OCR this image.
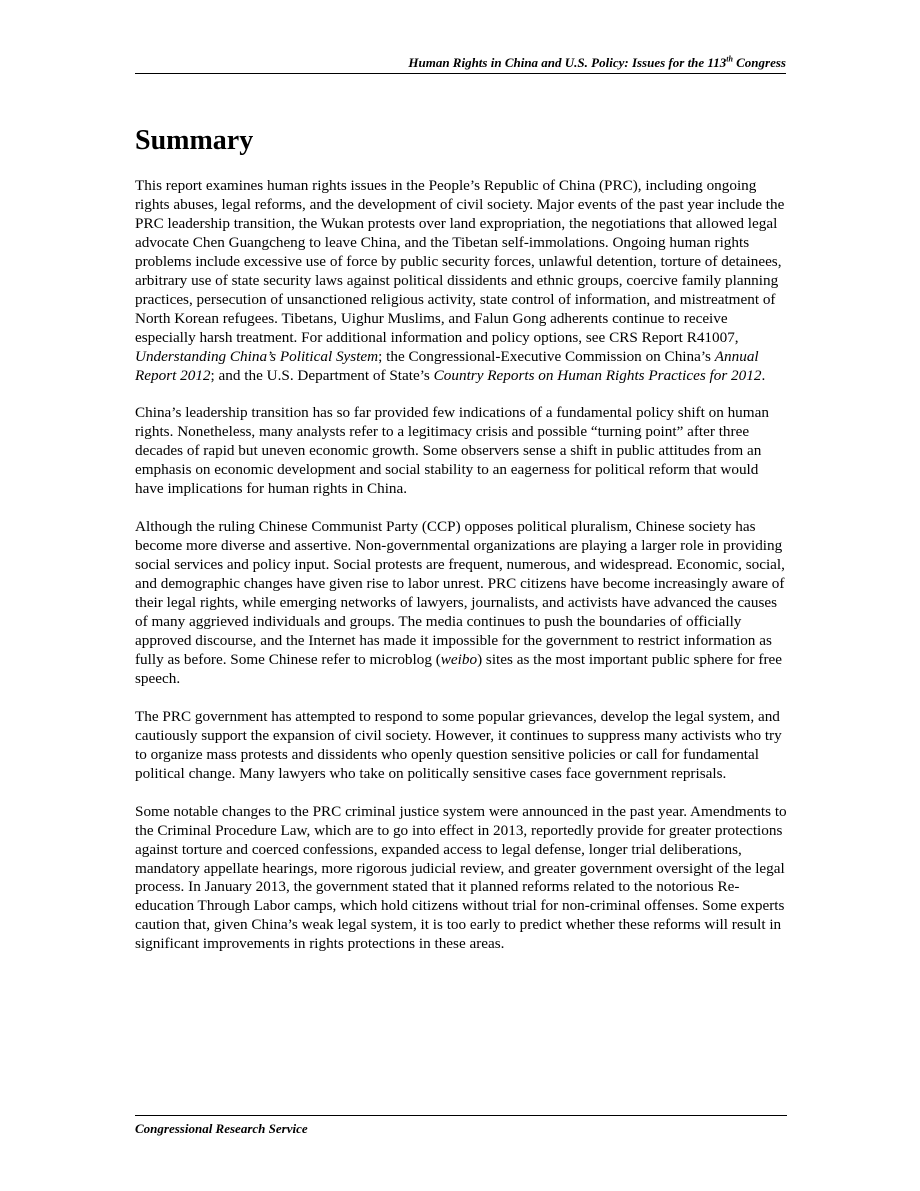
Human Rights in China and U.S. Policy: Issues for the 113th Congress
Summary

This report examines human rights issues in the People’s Republic of China (PRC), including ongoing rights abuses, legal reforms, and the development of civil society. Major events of the past year include the PRC leadership transition, the Wukan protests over land expropriation, the negotiations that allowed legal advocate Chen Guangcheng to leave China, and the Tibetan self-immolations. Ongoing human rights problems include excessive use of force by public security forces, unlawful detention, torture of detainees, arbitrary use of state security laws against political dissidents and ethnic groups, coercive family planning practices, persecution of unsanctioned religious activity, state control of information, and mistreatment of North Korean refugees. Tibetans, Uighur Muslims, and Falun Gong adherents continue to receive especially harsh treatment. For additional information and policy options, see CRS Report R41007, Understanding China’s Political System; the Congressional-Executive Commission on China’s Annual Report 2012; and the U.S. Department of State’s Country Reports on Human Rights Practices for 2012.

China’s leadership transition has so far provided few indications of a fundamental policy shift on human rights. Nonetheless, many analysts refer to a legitimacy crisis and possible “turning point” after three decades of rapid but uneven economic growth. Some observers sense a shift in public attitudes from an emphasis on economic development and social stability to an eagerness for political reform that would have implications for human rights in China.

Although the ruling Chinese Communist Party (CCP) opposes political pluralism, Chinese society has become more diverse and assertive. Non-governmental organizations are playing a larger role in providing social services and policy input. Social protests are frequent, numerous, and widespread. Economic, social, and demographic changes have given rise to labor unrest. PRC citizens have become increasingly aware of their legal rights, while emerging networks of lawyers, journalists, and activists have advanced the causes of many aggrieved individuals and groups. The media continues to push the boundaries of officially approved discourse, and the Internet has made it impossible for the government to restrict information as fully as before. Some Chinese refer to microblog (weibo) sites as the most important public sphere for free speech.

The PRC government has attempted to respond to some popular grievances, develop the legal system, and cautiously support the expansion of civil society. However, it continues to suppress many activists who try to organize mass protests and dissidents who openly question sensitive policies or call for fundamental political change. Many lawyers who take on politically sensitive cases face government reprisals.

Some notable changes to the PRC criminal justice system were announced in the past year. Amendments to the Criminal Procedure Law, which are to go into effect in 2013, reportedly provide for greater protections against torture and coerced confessions, expanded access to legal defense, longer trial deliberations, mandatory appellate hearings, more rigorous judicial review, and greater government oversight of the legal process. In January 2013, the government stated that it planned reforms related to the notorious Re-education Through Labor camps, which hold citizens without trial for non-criminal offenses. Some experts caution that, given China’s weak legal system, it is too early to predict whether these reforms will result in significant improvements in rights protections in these areas.

Congressional Research Service
